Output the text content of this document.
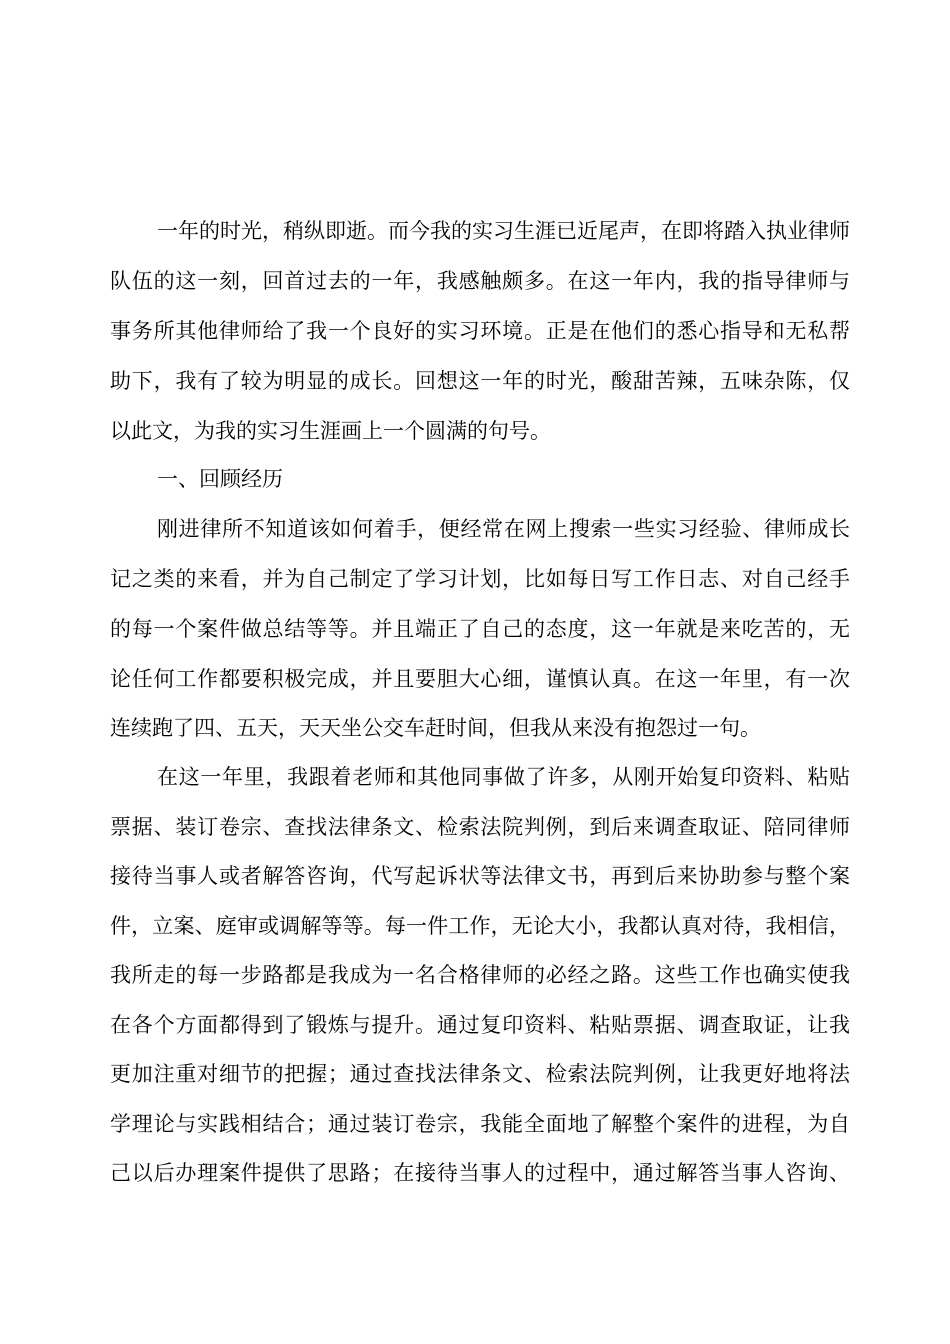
一年的时光，稍纵即逝。而今我的实习生涯已近尾声，在即将踏入执业律师
队伍的这一刻，回首过去的一年，我感触颇多。在这一年内，我的指导律师与
事务所其他律师给了我一个良好的实习环境。正是在他们的悉心指导和无私帮
助下，我有了较为明显的成长。回想这一年的时光，酸甜苦辣，五味杂陈，仅
以此文，为我的实习生涯画上一个圆满的句号。
一、回顾经历
刚进律所不知道该如何着手，便经常在网上搜索一些实习经验、律师成长
记之类的来看，并为自己制定了学习计划，比如每日写工作日志、对自己经手
的每一个案件做总结等等。并且端正了自己的态度，这一年就是来吃苦的，无
论任何工作都要积极完成，并且要胆大心细，谨慎认真。在这一年里，有一次
连续跑了四、五天，天天坐公交车赶时间，但我从来没有抱怨过一句。
在这一年里，我跟着老师和其他同事做了许多，从刚开始复印资料、粘贴
票据、装订卷宗、查找法律条文、检索法院判例，到后来调查取证、陪同律师
接待当事人或者解答咨询，代写起诉状等法律文书，再到后来协助参与整个案
件，立案、庭审或调解等等。每一件工作，无论大小，我都认真对待，我相信，
我所走的每一步路都是我成为一名合格律师的必经之路。这些工作也确实使我
在各个方面都得到了锻炼与提升。通过复印资料、粘贴票据、调查取证，让我
更加注重对细节的把握；通过查找法律条文、检索法院判例，让我更好地将法
学理论与实践相结合；通过装订卷宗，我能全面地了解整个案件的进程，为自
己以后办理案件提供了思路；在接待当事人的过程中，通过解答当事人咨询、
